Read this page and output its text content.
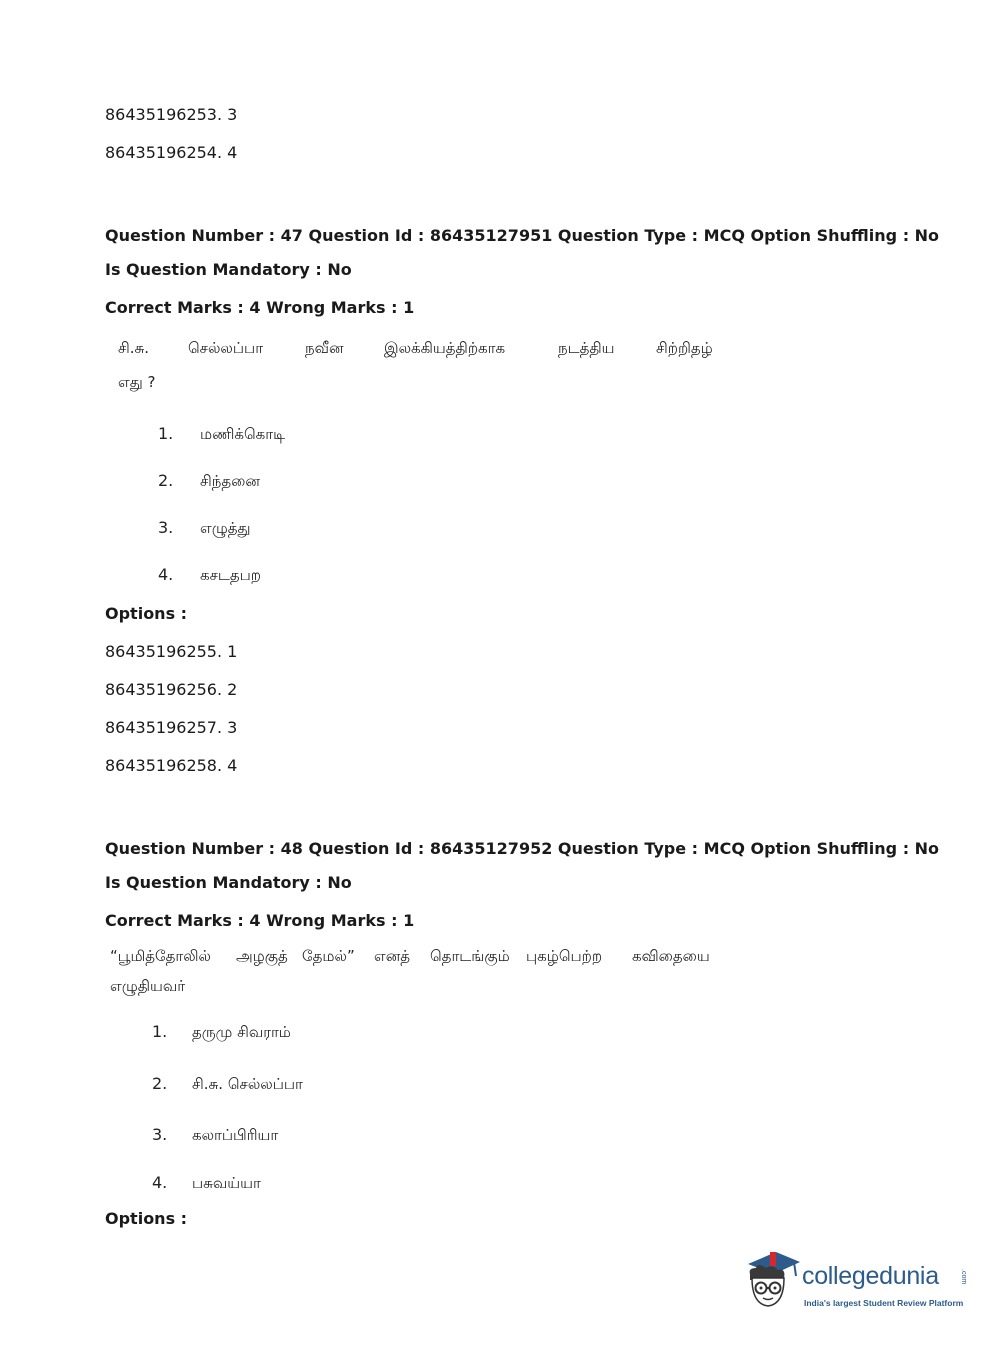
86435196253. 3
86435196254. 4
Question Number : 47 Question Id : 86435127951 Question Type : MCQ Option Shuffling : No
Is Question Mandatory : No
Correct Marks : 4 Wrong Marks : 1
சி.சு.	செல்லப்பா	நவீன	இலக்கியத்திற்காக	நடத்திய	சிற்றிதழ்
எது ?
1. மணிக்கொடி
2. சிந்தனை
3. எழுத்து
4. கசடதபற
Options :
86435196255. 1
86435196256. 2
86435196257. 3
86435196258. 4
Question Number : 48 Question Id : 86435127952 Question Type : MCQ Option Shuffling : No
Is Question Mandatory : No
Correct Marks : 4 Wrong Marks : 1
“பூமித்தோலில் அழகுத் தேமல்” எனத் தொடங்கும் புகழ்பெற்ற கவிதையை
எழுதியவர்
1. தருமு சிவராம்
2. சி.சு. செல்லப்பா
3. கலாப்பிரியா
4. பசுவய்யா
Options :
collegedunia	.com
India's largest Student Review Platform
